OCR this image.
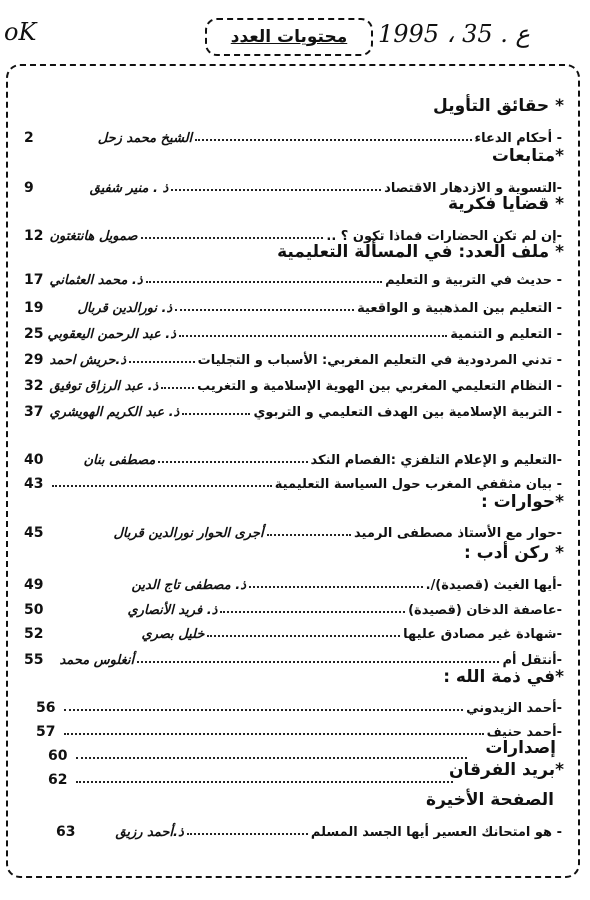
oK	محتويات العدد 1995 ، 35 . ع
* حقائق التأويل
*متابعات
* قضايا فكرية
* ملف العدد: في المسألة التعليمية
*حوارات :
* ركن أدب :
*في ذمة الله :
إصدارات
*بريد الفرقان
الصفحة الأخيرة
- أحكام الدعاء
الشيخ محمد زحل
2
-التسوية و الازدهار الاقتصاد
ذ . منير شفيق
9
-إن لم تكن الحضارات فماذا تكون ؟ ..
صمويل هانتغتون
12
- حديث في التربية و التعليم
ذ. محمد العثماني
17
- التعليم بين المذهبية و الواقعية
ذ. نورالدين قربال
19
- التعليم و التنمية
ذ. عبد الرحمن اليعقوبي
25
- تدني المردودية في التعليم المغربي: الأسباب و التجليات
ذ.حريش احمد
29
- النظام التعليمي المغربي بين الهوية الإسلامية و التغريب
ذ. عبد الرزاق توفيق
32
- التربية الإسلامية بين الهدف التعليمي و التربوي
ذ. عبد الكريم الهويشري
37
-التعليم و الإعلام التلفزي :الفصام النكد
مصطفى بنان
40
- بيان مثقفي المغرب حول السياسة التعليمية
43
-حوار مع الأستاذ مصطفى الرميد
أجرى الحوار نورالدين قربال
45
-أيها الغيث (قصيدة)/.
ذ. مصطفى تاج الدين
49
-عاصفة الدخان (قصيدة)
ذ. فريد الأنصاري
50
-شهادة غير مصادق عليها
خليل بصري
52
-أنتقل أم
أنغلوس محمد
55
-أحمد الزيدوني
56
-أحمد حنيف
57
60
62
- هو امتحانك العسير أيها الجسد المسلم
ذ.أحمد رزيق
63
